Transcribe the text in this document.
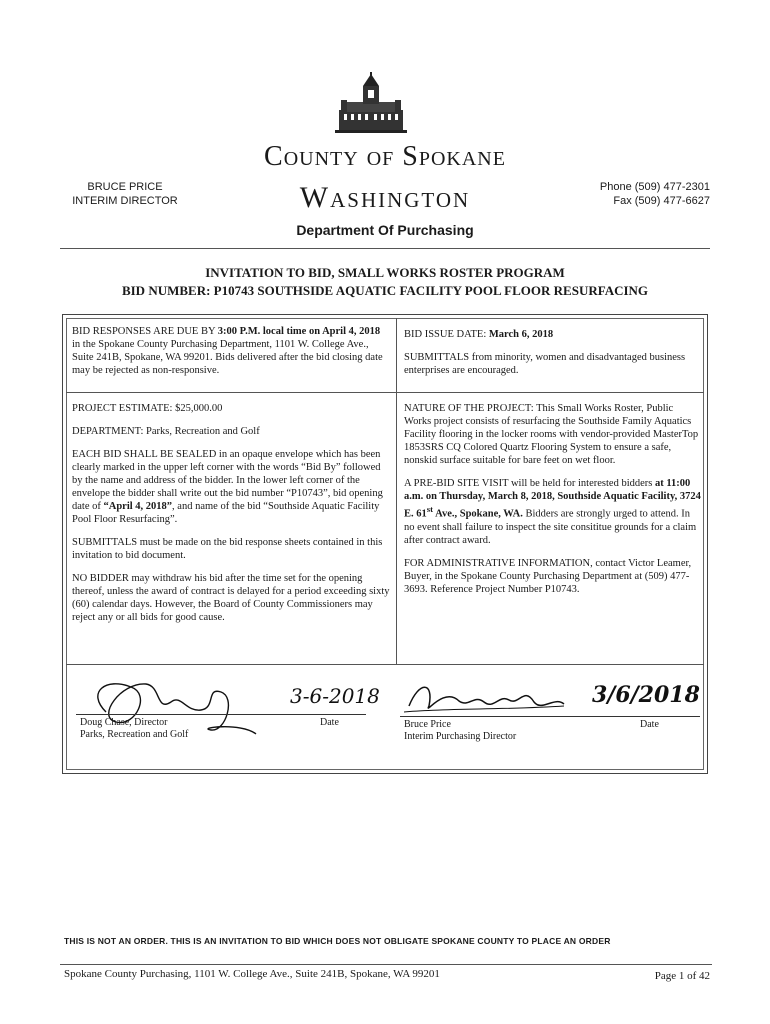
County of Spokane
Washington
Department Of Purchasing
BRUCE PRICE
INTERIM DIRECTOR
Phone (509) 477-2301
Fax (509) 477-6627
INVITATION TO BID, SMALL WORKS ROSTER PROGRAM
BID NUMBER: P10743 SOUTHSIDE AQUATIC FACILITY POOL FLOOR RESURFACING
BID RESPONSES ARE DUE BY 3:00 P.M. local time on April 4, 2018 in the Spokane County Purchasing Department, 1101 W. College Ave., Suite 241B, Spokane, WA 99201. Bids delivered after the bid closing date may be rejected as non-responsive.
PROJECT ESTIMATE: $25,000.00
DEPARTMENT: Parks, Recreation and Golf
EACH BID SHALL BE SEALED in an opaque envelope which has been clearly marked in the upper left corner with the words “Bid By” followed by the name and address of the bidder. In the lower left corner of the envelope the bidder shall write out the bid number “P10743”, bid opening date of “April 4, 2018”, and name of the bid “Southside Aquatic Facility Pool Floor Resurfacing”.
SUBMITTALS must be made on the bid response sheets contained in this invitation to bid document.
NO BIDDER may withdraw his bid after the time set for the opening thereof, unless the award of contract is delayed for a period exceeding sixty (60) calendar days. However, the Board of County Commissioners may reject any or all bids for good cause.
BID ISSUE DATE: March 6, 2018
SUBMITTALS from minority, women and disadvantaged business enterprises are encouraged.
NATURE OF THE PROJECT: This Small Works Roster, Public Works project consists of resurfacing the Southside Family Aquatics Facility flooring in the locker rooms with vendor-provided MasterTop 1853SRS CQ Colored Quartz Flooring System to ensure a safe, nonskid surface suitable for bare feet on wet floor.
A PRE-BID SITE VISIT will be held for interested bidders at 11:00 a.m. on Thursday, March 8, 2018, Southside Aquatic Facility, 3724 E. 61st Ave., Spokane, WA. Bidders are strongly urged to attend. In no event shall failure to inspect the site consititue grounds for a claim after contract award.
FOR ADMINISTRATIVE INFORMATION, contact Victor Leamer, Buyer, in the Spokane County Purchasing Department at (509) 477-3693. Reference Project Number P10743.
3-6-2018
Doug Chase, Director
Parks, Recreation and Golf
Date
3/6/2018
Bruce Price
Interim Purchasing Director
Date
THIS IS NOT AN ORDER. THIS IS AN INVITATION TO BID WHICH DOES NOT OBLIGATE SPOKANE COUNTY TO PLACE AN ORDER
Spokane County Purchasing, 1101 W. College Ave., Suite 241B, Spokane, WA 99201	Page 1 of 42
